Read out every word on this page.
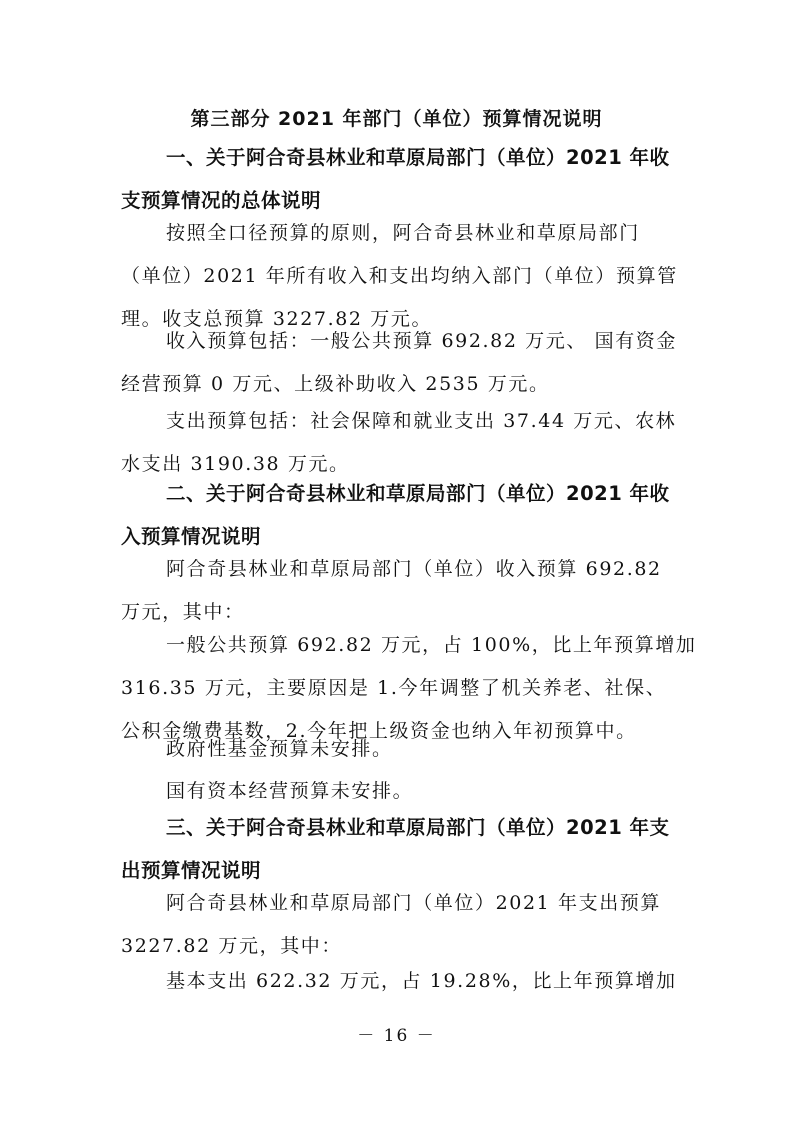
第三部分 2021 年部门（单位）预算情况说明
一、关于阿合奇县林业和草原局部门（单位）2021 年收
支预算情况的总体说明

按照全口径预算的原则，阿合奇县林业和草原局部门
（单位）2021 年所有收入和支出均纳入部门（单位）预算管
理。收支总预算 3227.82 万元。

收入预算包括：一般公共预算 692.82 万元、 国有资金
经营预算 0 万元、上级补助收入 2535 万元。

支出预算包括：社会保障和就业支出 37.44 万元、农林
水支出 3190.38 万元。

二、关于阿合奇县林业和草原局部门（单位）2021 年收
入预算情况说明

阿合奇县林业和草原局部门（单位）收入预算 692.82
万元，其中：

一般公共预算 692.82 万元，占 100%，比上年预算增加
316.35 万元，主要原因是 1.今年调整了机关养老、社保、
公积金缴费基数，2.今年把上级资金也纳入年初预算中。

政府性基金预算未安排。

国有资本经营预算未安排。

三、关于阿合奇县林业和草原局部门（单位）2021 年支
出预算情况说明

阿合奇县林业和草原局部门（单位）2021 年支出预算
3227.82 万元，其中：

基本支出 622.32 万元，占 19.28%，比上年预算增加

－ 16 －
